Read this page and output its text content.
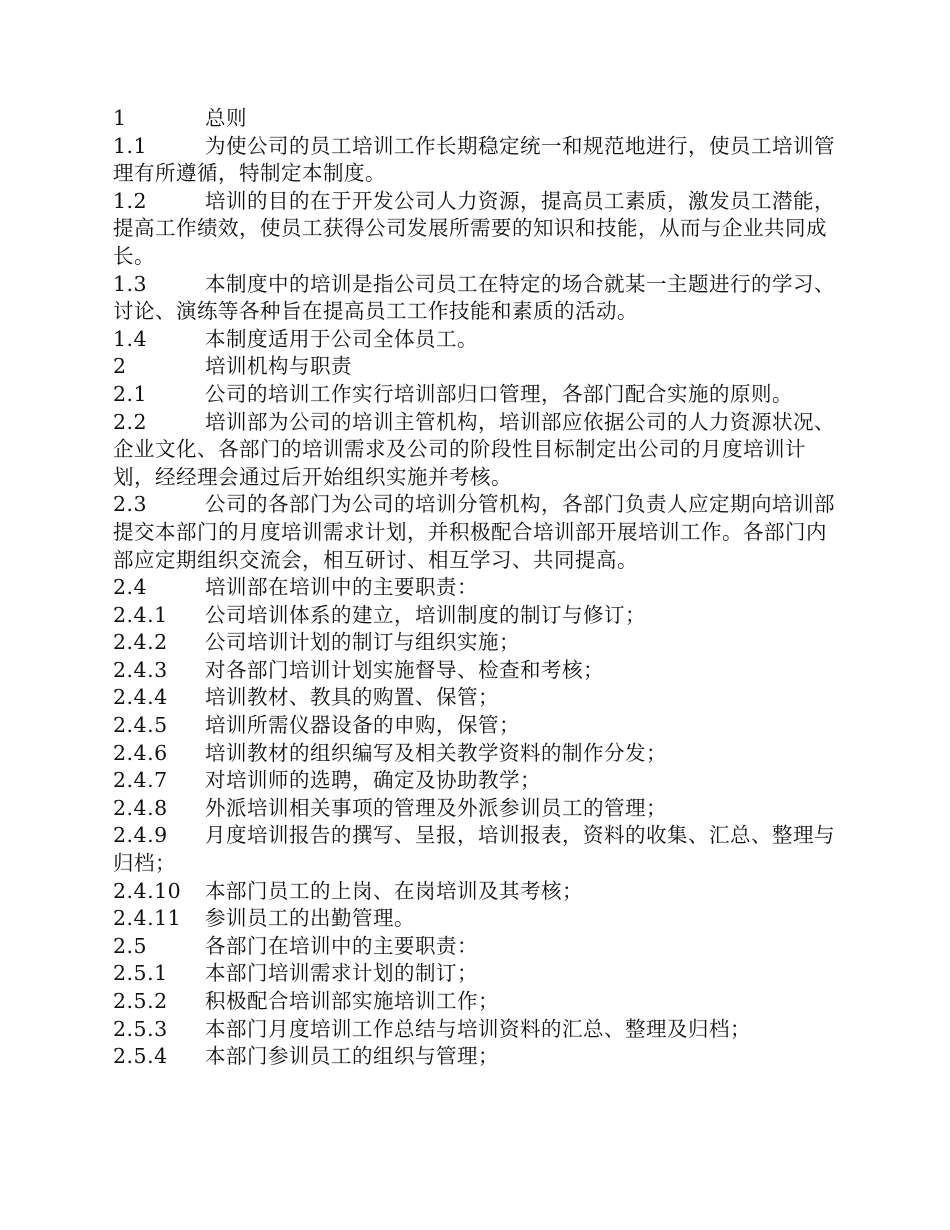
1	总则

1.1	为使公司的员工培训工作长期稳定统一和规范地进行，使员工培训管理有所遵循，特制定本制度。

1.2	培训的目的在于开发公司人力资源，提高员工素质，激发员工潜能，提高工作绩效，使员工获得公司发展所需要的知识和技能，从而与企业共同成长。

1.3	本制度中的培训是指公司员工在特定的场合就某一主题进行的学习、讨论、演练等各种旨在提高员工工作技能和素质的活动。

1.4	本制度适用于公司全体员工。

2	培训机构与职责

2.1	公司的培训工作实行培训部归口管理，各部门配合实施的原则。

2.2	培训部为公司的培训主管机构，培训部应依据公司的人力资源状况、企业文化、各部门的培训需求及公司的阶段性目标制定出公司的月度培训计划，经经理会通过后开始组织实施并考核。

2.3	公司的各部门为公司的培训分管机构，各部门负责人应定期向培训部提交本部门的月度培训需求计划，并积极配合培训部开展培训工作。各部门内部应定期组织交流会，相互研讨、相互学习、共同提高。

2.4	培训部在培训中的主要职责：

2.4.1 公司培训体系的建立，培训制度的制订与修订；

2.4.2 公司培训计划的制订与组织实施；

2.4.3 对各部门培训计划实施督导、检查和考核；

2.4.4 培训教材、教具的购置、保管；

2.4.5 培训所需仪器设备的申购，保管；

2.4.6 培训教材的组织编写及相关教学资料的制作分发；

2.4.7 对培训师的选聘，确定及协助教学；

2.4.8 外派培训相关事项的管理及外派参训员工的管理；

2.4.9 月度培训报告的撰写、呈报，培训报表，资料的收集、汇总、整理与归档；

2.4.10 本部门员工的上岗、在岗培训及其考核；

2.4.11 参训员工的出勤管理。

2.5	各部门在培训中的主要职责：

2.5.1 本部门培训需求计划的制订；

2.5.2 积极配合培训部实施培训工作；

2.5.3 本部门月度培训工作总结与培训资料的汇总、整理及归档；

2.5.4 本部门参训员工的组织与管理；
